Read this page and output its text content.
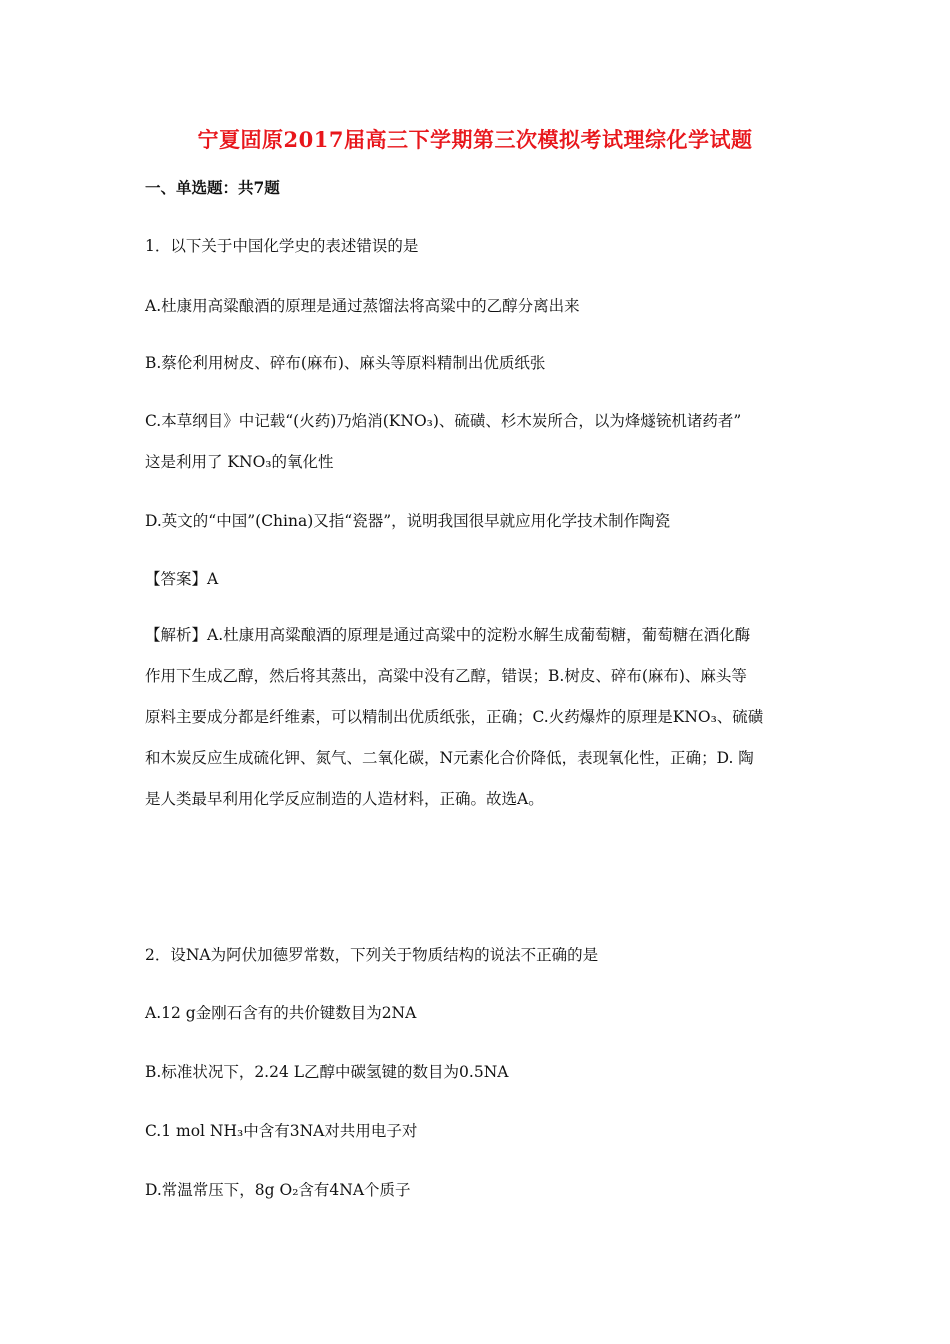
宁夏固原2017届高三下学期第三次模拟考试理综化学试题
一、单选题：共7题
1．以下关于中国化学史的表述错误的是
A.杜康用高粱酿酒的原理是通过蒸馏法将高粱中的乙醇分离出来
B.蔡伦利用树皮、碎布(麻布)、麻头等原料精制出优质纸张
C.本草纲目》中记载“(火药)乃焰消(KNO₃)、硫磺、杉木炭所合，以为烽燧铳机诸药者”
这是利用了 KNO₃的氧化性
D.英文的“中国”(China)又指“瓷器”，说明我国很早就应用化学技术制作陶瓷
【答案】A
【解析】A.杜康用高粱酿酒的原理是通过高粱中的淀粉水解生成葡萄糖，葡萄糖在酒化酶
作用下生成乙醇，然后将其蒸出，高粱中没有乙醇，错误；B.树皮、碎布(麻布)、麻头等
原料主要成分都是纤维素，可以精制出优质纸张，正确；C.火药爆炸的原理是KNO₃、硫磺
和木炭反应生成硫化钾、氮气、二氧化碳，N元素化合价降低，表现氧化性，正确；D. 陶
是人类最早利用化学反应制造的人造材料，正确。故选A。
2．设NA为阿伏加德罗常数，下列关于物质结构的说法不正确的是
A.12 g金刚石含有的共价键数目为2NA
B.标准状况下，2.24 L乙醇中碳氢键的数目为0.5NA
C.1 mol NH₃中含有3NA对共用电子对
D.常温常压下，8g O₂含有4NA个质子
